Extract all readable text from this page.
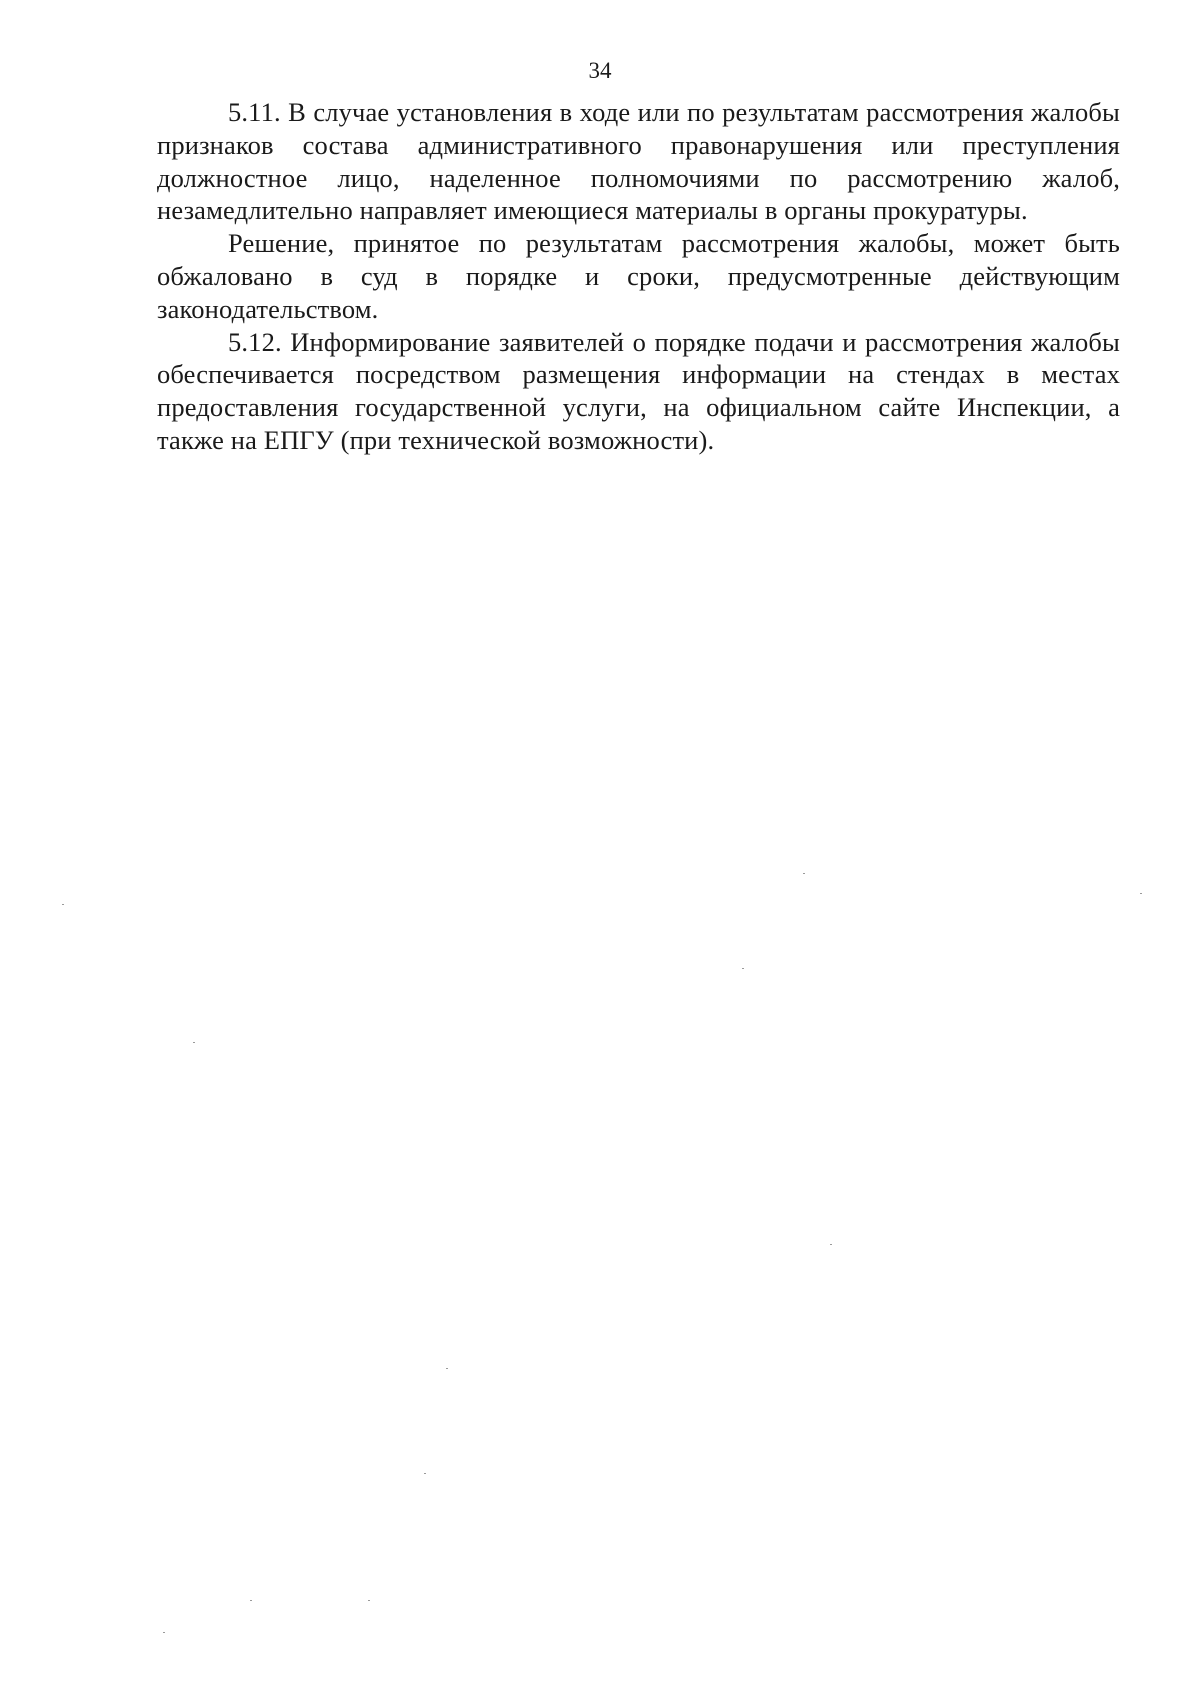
34

5.11. В случае установления в ходе или по результатам рассмотрения жалобы признаков состава административного правонарушения или преступления должностное лицо, наделенное полномочиями по рассмотрению жалоб, незамедлительно направляет имеющиеся материалы в органы прокуратуры.

Решение, принятое по результатам рассмотрения жалобы, может быть обжаловано в суд в порядке и сроки, предусмотренные действующим законодательством.

5.12. Информирование заявителей о порядке подачи и рассмотрения жалобы обеспечивается посредством размещения информации на стендах в местах предоставления государственной услуги, на официальном сайте Инспекции, а также на ЕПГУ (при технической возможности).
